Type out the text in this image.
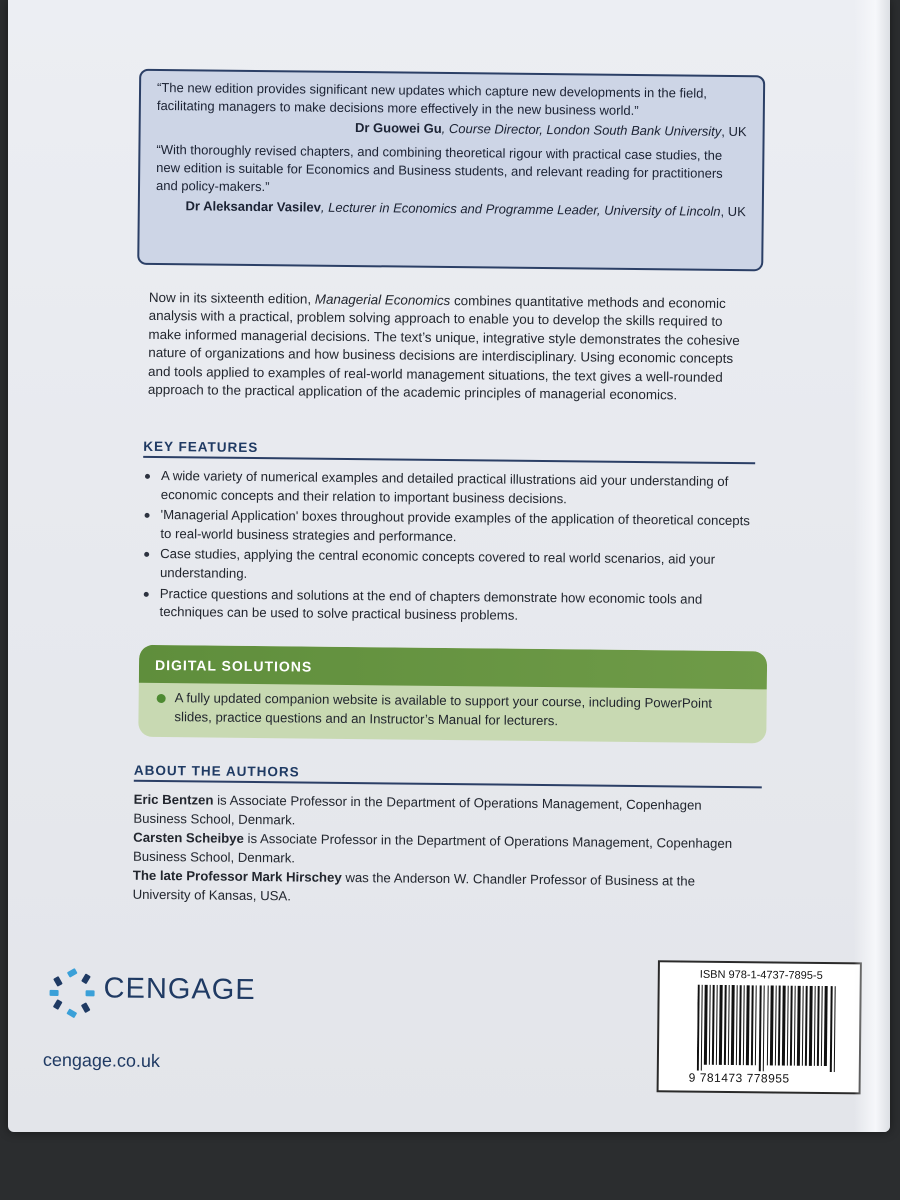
“The new edition provides significant new updates which capture new developments in the field, facilitating managers to make decisions more effectively in the new business world.”

Dr Guowei Gu, Course Director, London South Bank University, UK

“With thoroughly revised chapters, and combining theoretical rigour with practical case studies, the new edition is suitable for Economics and Business students, and relevant reading for practitioners and policy-makers.”

Dr Aleksandar Vasilev, Lecturer in Economics and Programme Leader, University of Lincoln, UK

Now in its sixteenth edition, Managerial Economics combines quantitative methods and economic analysis with a practical, problem solving approach to enable you to develop the skills required to make informed managerial decisions. The text’s unique, integrative style demonstrates the cohesive nature of organizations and how business decisions are interdisciplinary. Using economic concepts and tools applied to examples of real-world management situations, the text gives a well-rounded approach to the practical application of the academic principles of managerial economics.

KEY FEATURES
A wide variety of numerical examples and detailed practical illustrations aid your understanding of economic concepts and their relation to important business decisions.
'Managerial Application' boxes throughout provide examples of the application of theoretical concepts to real-world business strategies and performance.
Case studies, applying the central economic concepts covered to real world scenarios, aid your understanding.
Practice questions and solutions at the end of chapters demonstrate how economic tools and techniques can be used to solve practical business problems.
DIGITAL SOLUTIONS
A fully updated companion website is available to support your course, including PowerPoint slides, practice questions and an Instructor’s Manual for lecturers.
ABOUT THE AUTHORS

Eric Bentzen is Associate Professor in the Department of Operations Management, Copenhagen Business School, Denmark.

Carsten Scheibye is Associate Professor in the Department of Operations Management, Copenhagen Business School, Denmark.

The late Professor Mark Hirschey was the Anderson W. Chandler Professor of Business at the University of Kansas, USA.

CENGAGE
cengage.co.uk
ISBN 978-1-4737-7895-5
9 781473 778955
